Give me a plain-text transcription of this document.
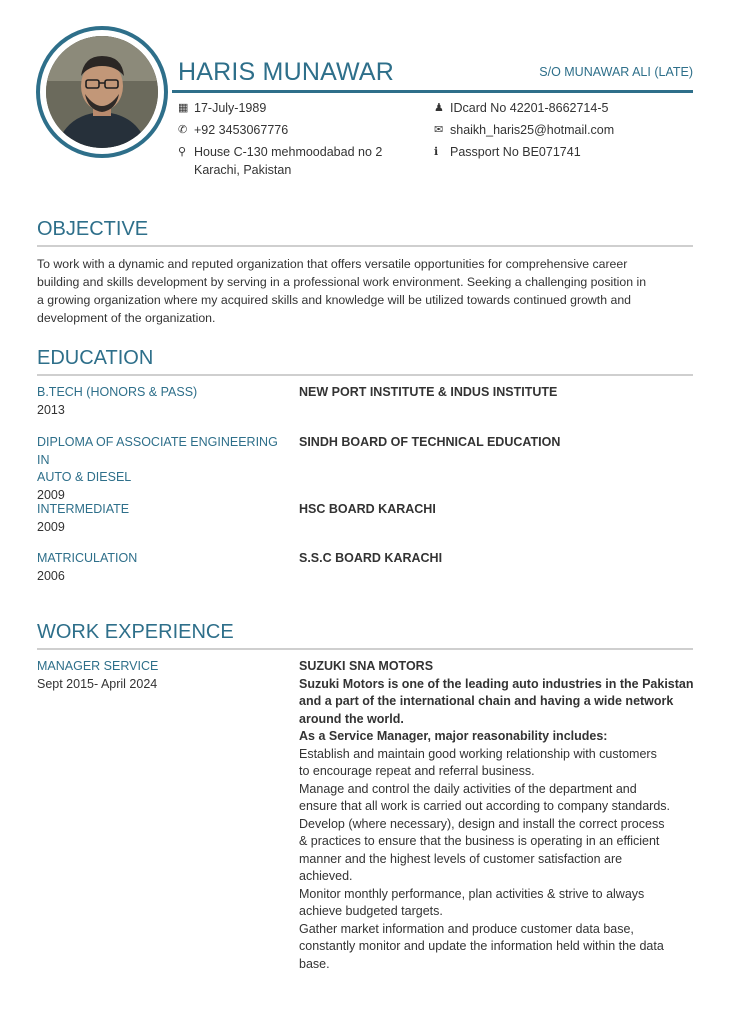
HARIS MUNAWAR	S/O MUNAWAR ALI (LATE)
▦ 17-July-1989
✆ +92 3453067776
⚲ House C-130 mehmoodabad no 2
Karachi, Pakistan
♟ IDcard No 42201-8662714-5
✉ shaikh_haris25@hotmail.com
ℹ Passport No BE071741
OBJECTIVE
To work with a dynamic and reputed organization that offers versatile opportunities for comprehensive career
building and skills development by serving in a professional work environment. Seeking a challenging position in
a growing organization where my acquired skills and knowledge will be utilized towards continued growth and
development of the organization.
EDUCATION
B.TECH (HONORS & PASS)
2013
NEW PORT INSTITUTE & INDUS INSTITUTE
DIPLOMA OF ASSOCIATE ENGINEERING IN
AUTO & DIESEL
2009
SINDH BOARD OF TECHNICAL EDUCATION
INTERMEDIATE
2009
HSC BOARD KARACHI
MATRICULATION
2006
S.S.C BOARD KARACHI
WORK EXPERIENCE
MANAGER SERVICE
Sept 2015- April 2024
SUZUKI SNA MOTORS
Suzuki Motors is one of the leading auto industries in the Pakistan
and a part of the international chain and having a wide network
around the world.
As a Service Manager, major reasonability includes:
Establish and maintain good working relationship with customers
to encourage repeat and referral business.
Manage and control the daily activities of the department and
ensure that all work is carried out according to company standards.
Develop (where necessary), design and install the correct process
& practices to ensure that the business is operating in an efficient
manner and the highest levels of customer satisfaction are
achieved.
Monitor monthly performance, plan activities & strive to always
achieve budgeted targets.
Gather market information and produce customer data base,
constantly monitor and update the information held within the data
base.
